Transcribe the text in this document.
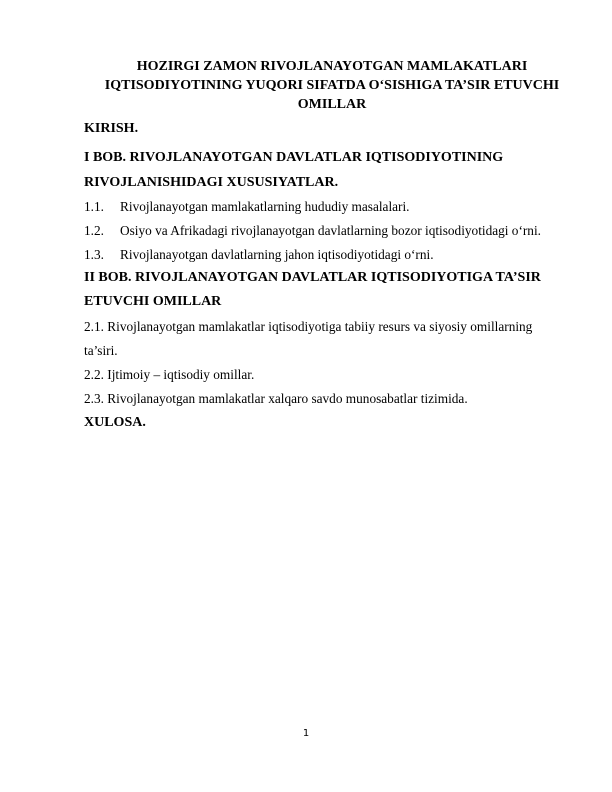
HOZIRGI ZAMON RIVOJLANAYOTGAN MAMLAKATLARI
IQTISODIYOTINING YUQORI SIFATDA O‘SISHIGA TA’SIR ETUVCHI
OMILLAR
KIRISH.
I BOB. RIVOJLANAYOTGAN DAVLATLAR IQTISODIYOTINING
RIVOJLANISHIDAGI XUSUSIYATLAR.
1.1. Rivojlanayotgan mamlakatlarning hududiy masalalari.
1.2. Osiyo va Afrikadagi rivojlanayotgan davlatlarning bozor iqtisodiyotidagi o‘rni.
1.3. Rivojlanayotgan davlatlarning jahon iqtisodiyotidagi o‘rni.
II BOB. RIVOJLANAYOTGAN DAVLATLAR IQTISODIYOTIGA TA’SIR
ETUVCHI OMILLAR
2.1. Rivojlanayotgan mamlakatlar iqtisodiyotiga tabiiy resurs va siyosiy omillarning
ta’siri.
2.2. Ijtimoiy – iqtisodiy omillar.
2.3. Rivojlanayotgan mamlakatlar xalqaro savdo munosabatlar tizimida.
XULOSA.
1
